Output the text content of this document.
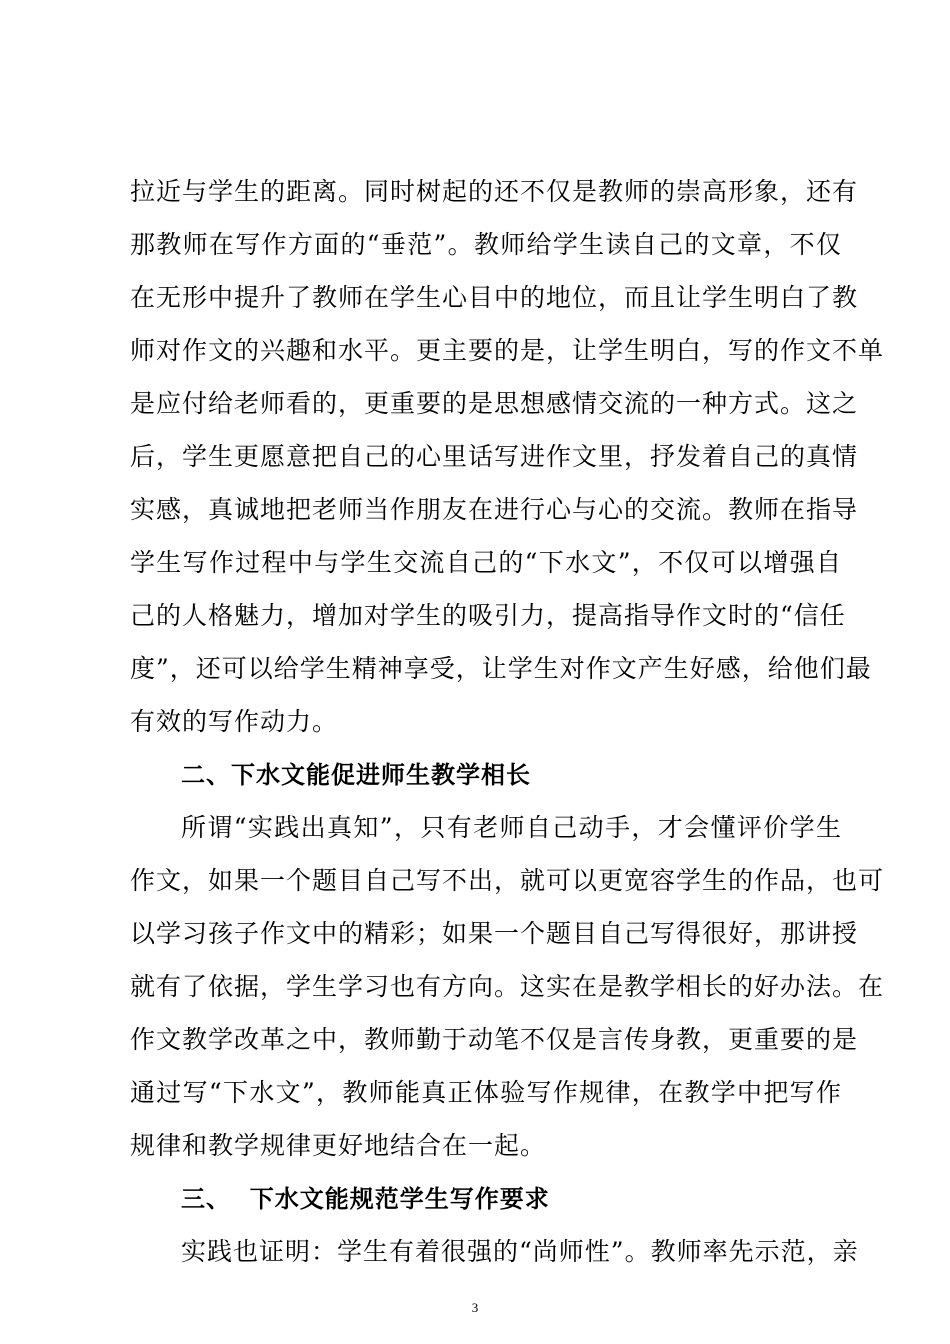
拉近与学生的距离。同时树起的还不仅是教师的崇高形象，还有
那教师在写作方面的“垂范”。教师给学生读自己的文章，不仅
在无形中提升了教师在学生心目中的地位，而且让学生明白了教
师对作文的兴趣和水平。更主要的是，让学生明白，写的作文不单
是应付给老师看的，更重要的是思想感情交流的一种方式。这之
后，学生更愿意把自己的心里话写进作文里，抒发着自己的真情
实感，真诚地把老师当作朋友在进行心与心的交流。教师在指导
学生写作过程中与学生交流自己的“下水文”，不仅可以增强自
己的人格魅力，增加对学生的吸引力，提高指导作文时的“信任
度”，还可以给学生精神享受，让学生对作文产生好感，给他们最
有效的写作动力。
二、下水文能促进师生教学相长
所谓“实践出真知”，只有老师自己动手，才会懂评价学生
作文，如果一个题目自己写不出，就可以更宽容学生的作品，也可
以学习孩子作文中的精彩；如果一个题目自己写得很好，那讲授
就有了依据，学生学习也有方向。这实在是教学相长的好办法。在
作文教学改革之中，教师勤于动笔不仅是言传身教，更重要的是
通过写“下水文”，教师能真正体验写作规律，在教学中把写作
规律和教学规律更好地结合在一起。
三、  下水文能规范学生写作要求
实践也证明：学生有着很强的“尚师性”。教师率先示范，亲
3
